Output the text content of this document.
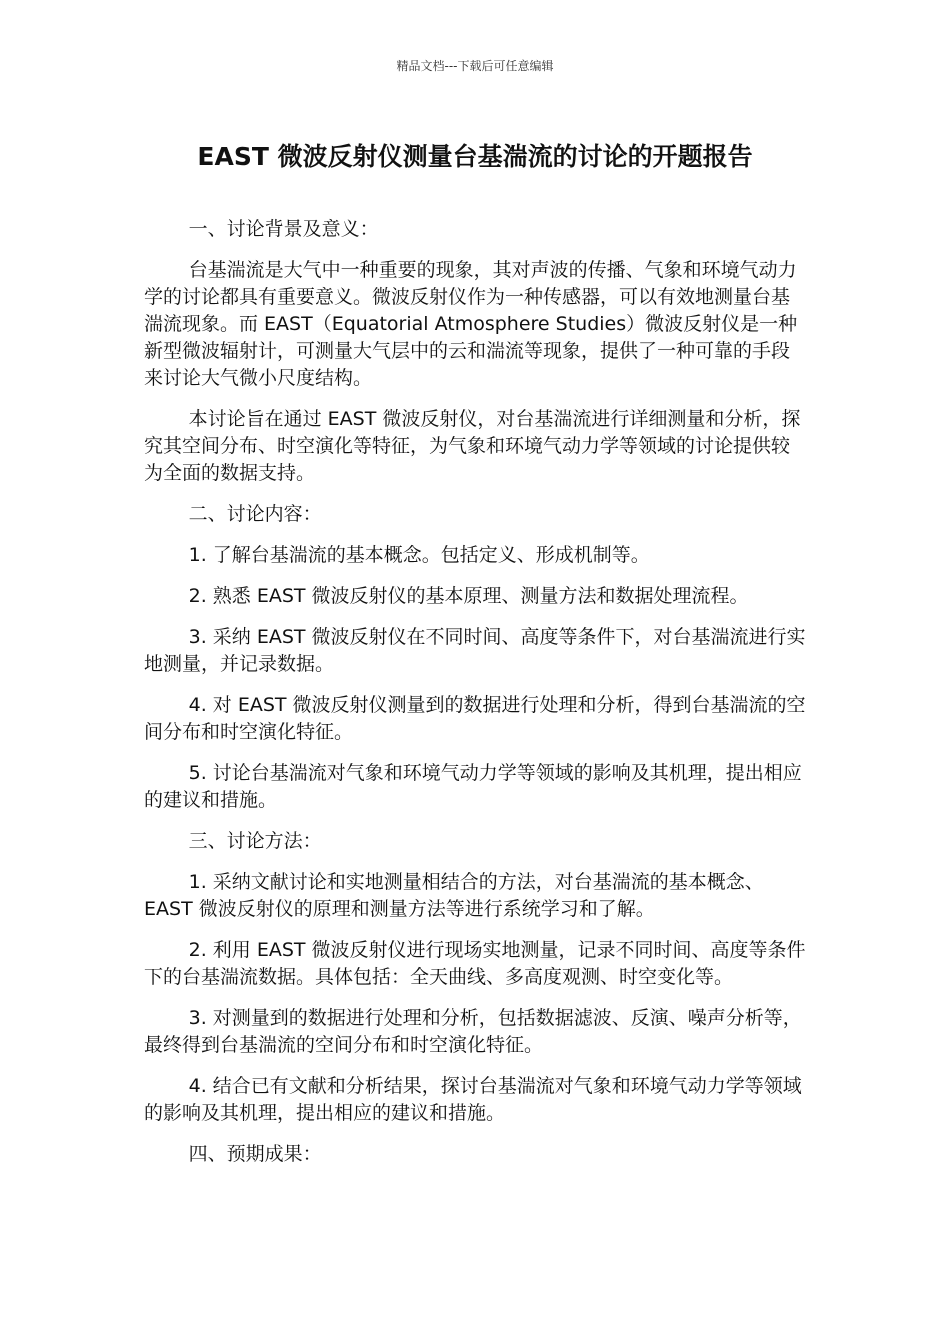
精品文档---下载后可任意编辑
EAST 微波反射仪测量台基湍流的讨论的开题报告

一、讨论背景及意义：

台基湍流是大气中一种重要的现象，其对声波的传播、气象和环境气动力学的讨论都具有重要意义。微波反射仪作为一种传感器，可以有效地测量台基湍流现象。而 EAST（Equatorial Atmosphere Studies）微波反射仪是一种新型微波辐射计，可测量大气层中的云和湍流等现象，提供了一种可靠的手段来讨论大气微小尺度结构。

本讨论旨在通过 EAST 微波反射仪，对台基湍流进行详细测量和分析，探究其空间分布、时空演化等特征，为气象和环境气动力学等领域的讨论提供较为全面的数据支持。

二、讨论内容：

1. 了解台基湍流的基本概念。包括定义、形成机制等。

2. 熟悉 EAST 微波反射仪的基本原理、测量方法和数据处理流程。

3. 采纳 EAST 微波反射仪在不同时间、高度等条件下，对台基湍流进行实地测量，并记录数据。

4. 对 EAST 微波反射仪测量到的数据进行处理和分析，得到台基湍流的空间分布和时空演化特征。

5. 讨论台基湍流对气象和环境气动力学等领域的影响及其机理，提出相应的建议和措施。

三、讨论方法：

1. 采纳文献讨论和实地测量相结合的方法，对台基湍流的基本概念、EAST 微波反射仪的原理和测量方法等进行系统学习和了解。

2. 利用 EAST 微波反射仪进行现场实地测量，记录不同时间、高度等条件下的台基湍流数据。具体包括：全天曲线、多高度观测、时空变化等。

3. 对测量到的数据进行处理和分析，包括数据滤波、反演、噪声分析等，最终得到台基湍流的空间分布和时空演化特征。

4. 结合已有文献和分析结果，探讨台基湍流对气象和环境气动力学等领域的影响及其机理，提出相应的建议和措施。

四、预期成果：
